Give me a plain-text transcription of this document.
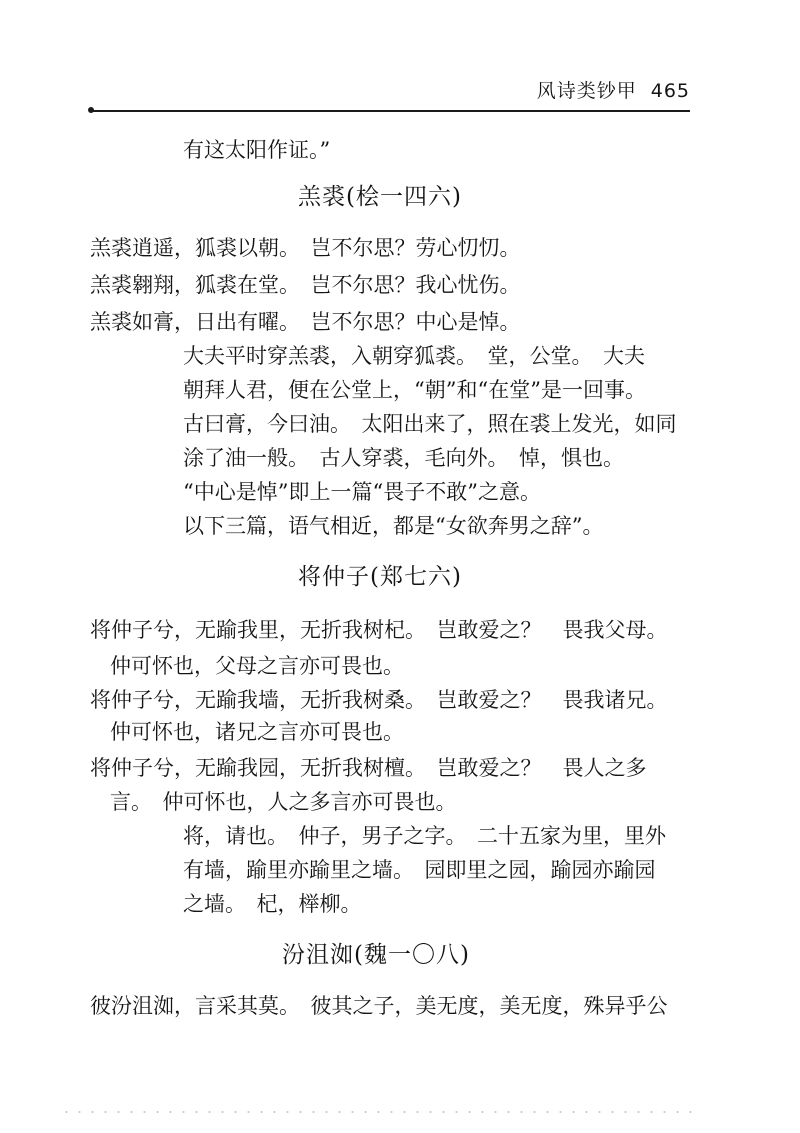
风诗类钞甲 465
有这太阳作证。”
羔裘(桧一四六)
羔裘逍遥，狐裘以朝。　岂不尔思？劳心忉忉。
羔裘翱翔，狐裘在堂。　岂不尔思？我心忧伤。
羔裘如膏，日出有曜。　岂不尔思？中心是悼。
大夫平时穿羔裘，入朝穿狐裘。　堂，公堂。　大夫
朝拜人君，便在公堂上，“朝”和“在堂”是一回事。
古曰膏，今曰油。　太阳出来了，照在裘上发光，如同
涂了油一般。　古人穿裘，毛向外。　悼，惧也。
“中心是悼”即上一篇“畏子不敢”之意。
以下三篇，语气相近，都是“女欲奔男之辞”。
将仲子(郑七六)
将仲子兮，无踰我里，无折我树杞。　岂敢爱之？　畏我父母。
仲可怀也，父母之言亦可畏也。
将仲子兮，无踰我墙，无折我树桑。　岂敢爱之？　畏我诸兄。
仲可怀也，诸兄之言亦可畏也。
将仲子兮，无踰我园，无折我树檀。　岂敢爱之？　畏人之多
言。　仲可怀也，人之多言亦可畏也。
将，请也。　仲子，男子之字。　二十五家为里，里外
有墙，踰里亦踰里之墙。　园即里之园，踰园亦踰园
之墙。　杞，榉柳。
汾沮洳(魏一〇八)
彼汾沮洳，言采其莫。　彼其之子，美无度，美无度，殊异乎公
